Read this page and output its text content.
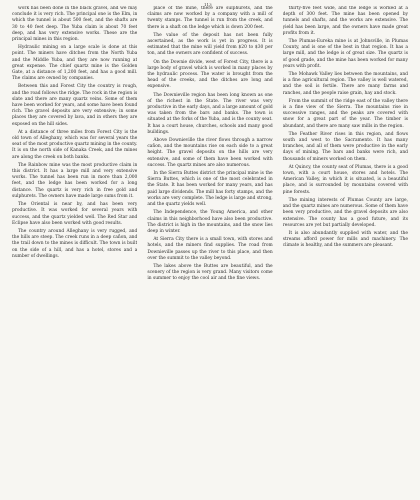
113

work has been done in the black gravel, and we may conclude it is very rich. The principal one is the Elm, in which the tunnel is about 500 feet, and the shafts are 30 to 40 feet deep. The Yuba claim is about 70 feet deep, and has very extensive works. These are the principal mines in this region.

Hydraulic mining on a large scale is done at this point. The miners have ditches from the North Yuba and the Middle Yuba, and they are now running at great expense. The chief quartz mine is the Golden Gate, at a distance of 1,200 feet, and has a good mill. The claims are owned by companies.

Between this and Forest City the country is rough, and the road follows the ridge. The rock in the region is slate and there are many quartz veins. Some of them have been worked for years, and some have been found rich. The gravel deposits are very extensive; in some places they are covered by lava, and in others they are exposed on the hill sides.

At a distance of three miles from Forest City is the old town of Alleghany, which was for several years the seat of the most productive quartz mining in the county. It is on the north side of Kanaka Creek, and the mines are along the creek on both banks.

The Rainbow mine was the most productive claim in this district. It has a large mill and very extensive works. The tunnel has been run in more than 2,000 feet, and the ledge has been worked for a long distance. The quartz is very rich in free gold and sulphurets. The owners have made large sums from it.

The Oriental is near by, and has been very productive. It was worked for several years with success, and the quartz yielded well. The Red Star and Eclipse have also been worked with good results.

The country around Alleghany is very rugged, and the hills are steep. The creek runs in a deep cañon, and the trail down to the mines is difficult. The town is built on the side of a hill, and has a hotel, stores and a number of dwellings.

place of the mine, there are sulphurets, and the claims are now worked by a company with a mill of twenty stamps. The tunnel is run from the creek, and there is a shaft on the ledge which is down 200 feet.

The value of the deposit has not been fully ascertained, as the work is yet in progress. It is estimated that the mine will yield from $20 to $30 per ton, and the owners are confident of success.

On the Downie divide, west of Forest City, there is a large body of gravel which is worked in many places by the hydraulic process. The water is brought from the head of the creeks, and the ditches are long and expensive.

The Downieville region has been long known as one of the richest in the State. The river was very productive in the early days, and a large amount of gold was taken from the bars and banks. The town is situated at the forks of the Yuba, and is the county seat. It has a court house, churches, schools and many good buildings.

Above Downieville the river flows through a narrow cañon, and the mountains rise on each side to a great height. The gravel deposits on the hills are very extensive, and some of them have been worked with success. The quartz mines are also numerous.

In the Sierra Buttes district the principal mine is the Sierra Buttes, which is one of the most celebrated in the State. It has been worked for many years, and has paid large dividends. The mill has forty stamps, and the works are very complete. The ledge is large and strong, and the quartz yields well.

The Independence, the Young America, and other claims in this neighborhood have also been productive. The district is high in the mountains, and the snow lies deep in winter.

At Sierra City there is a small town, with stores and hotels, and the miners find supplies. The road from Downieville passes up the river to this place, and then over the summit to the valley beyond.

The lakes above the Buttes are beautiful, and the scenery of the region is very grand. Many visitors come in summer to enjoy the cool air and the fine views.

thirty-five feet wide, and the ledge is worked at a depth of 300 feet. The mine has been opened by tunnels and shafts, and the works are extensive. The yield has been large, and the owners have made great profits from it.

The Plumas-Eureka mine is at Johnsville, in Plumas County, and is one of the best in that region. It has a large mill, and the ledge is of great size. The quartz is of good grade, and the mine has been worked for many years with profit.

The Mohawk Valley lies between the mountains, and is a fine agricultural region. The valley is well watered, and the soil is fertile. There are many farms and ranches, and the people raise grain, hay and stock.

From the summit of the ridge east of the valley there is a fine view of the Sierra. The mountains rise in successive ranges, and the peaks are covered with snow for a great part of the year. The timber is abundant, and there are many saw mills in the region.

The Feather River rises in this region, and flows south and west to the Sacramento. It has many branches, and all of them were productive in the early days of mining. The bars and banks were rich, and thousands of miners worked on them.

At Quincy, the county seat of Plumas, there is a good town, with a court house, stores and hotels. The American Valley, in which it is situated, is a beautiful place, and is surrounded by mountains covered with pine forests.

The mining interests of Plumas County are large, and the quartz mines are numerous. Some of them have been very productive, and the gravel deposits are also extensive. The county has a good future, and its resources are yet but partially developed.

It is also abundantly supplied with water, and the streams afford power for mills and machinery. The climate is healthy, and the summers are pleasant.
